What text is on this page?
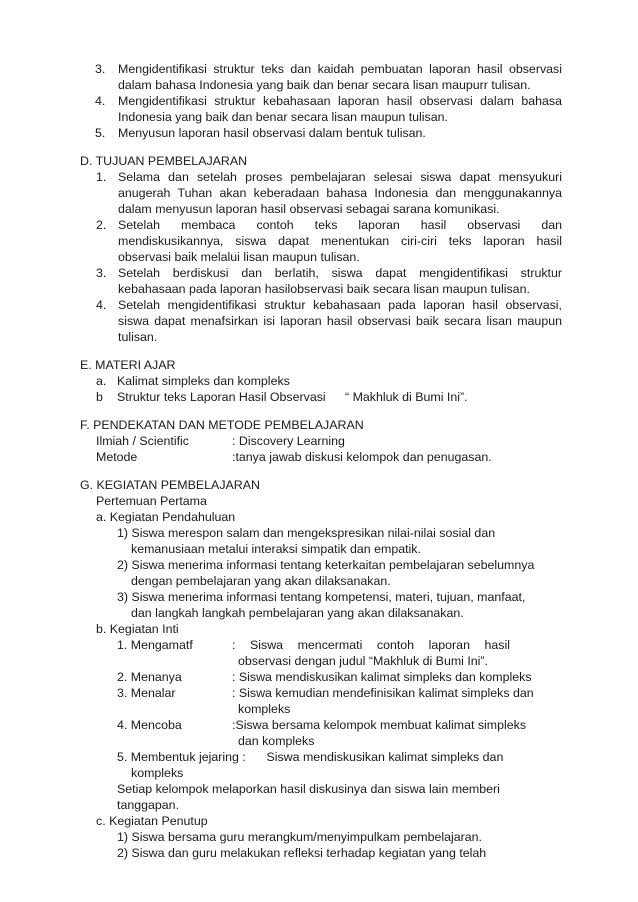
3. Mengidentifikasi struktur teks dan kaidah pembuatan laporan hasil observasi
dalam bahasa Indonesia yang baik dan benar secara lisan maupurr tulisan.
4. Mengidentifikasi struktur kebahasaan laporan hasil observasi dalam bahasa
Indonesia yang baik dan benar secara lisan maupun tulisan.
5. Menyusun laporan hasil observasi dalam bentuk tulisan.
D. TUJUAN PEMBELAJARAN
1. Selama dan setelah proses pembelajaran selesai siswa dapat mensyukuri
anugerah Tuhan akan keberadaan bahasa Indonesia dan menggunakannya
dalam menyusun laporan hasil observasi sebagai sarana komunikasi.
2. Setelah membaca contoh teks laporan hasil observasi dan
mendiskusikannya, siswa dapat menentukan ciri-ciri teks laporan hasil
observasi baik melalui lisan maupun tulisan.
3. Setelah berdiskusi dan berlatih, siswa dapat mengidentifikasi struktur
kebahasaan pada laporan hasilobservasi baik secara lisan maupun tulisan.
4. Setelah mengidentifikasi struktur kebahasaan pada laporan hasil observasi,
siswa dapat menafsirkan isi laporan hasil observasi baik secara lisan maupun
tulisan.
E. MATERI AJAR
a. Kalimat simpleks dan kompleks
b Struktur teks Laporan Hasil Observasi “ Makhluk di Bumi Ini”.
F. PENDEKATAN DAN METODE PEMBELAJARAN
Ilmiah / Scientific	: Discovery Learning
Metode	:tanya jawab diskusi kelompok dan penugasan.
G. KEGIATAN PEMBELAJARAN
Pertemuan Pertama
a. Kegiatan Pendahuluan
1) Siswa merespon salam dan mengekspresikan nilai-nilai sosial dan
kemanusiaan metalui interaksi simpatik dan empatik.
2) Siswa menerima informasi tentang keterkaitan pembelajaran sebelumnya
dengan pembelajaran yang akan dilaksanakan.
3) Siswa menerima informasi tentang kompetensi, materi, tujuan, manfaat,
dan langkah langkah pembelajaran yang akan dilaksanakan.
b. Kegiatan Inti
1. Mengamatf	: Siswa mencermati contoh laporan hasil
observasi dengan judul “Makhluk di Bumi Ini”.
2. Menanya	: Siswa mendiskusikan kalimat simpleks dan kompleks
3. Menalar	: Siswa kemudian mendefinisikan kalimat simpleks dan
kompleks
4. Mencoba	:Siswa bersama kelompok membuat kalimat simpleks
dan kompleks
5. Membentuk jejaring :      Siswa mendiskusikan kalimat simpleks dan
kompleks
Setiap kelompok melaporkan hasil diskusinya dan siswa lain memberi
tanggapan.
c. Kegiatan Penutup
1) Siswa bersama guru merangkum/menyimpulkam pembelajaran.
2) Siswa dan guru melakukan refleksi terhadap kegiatan yang telah
